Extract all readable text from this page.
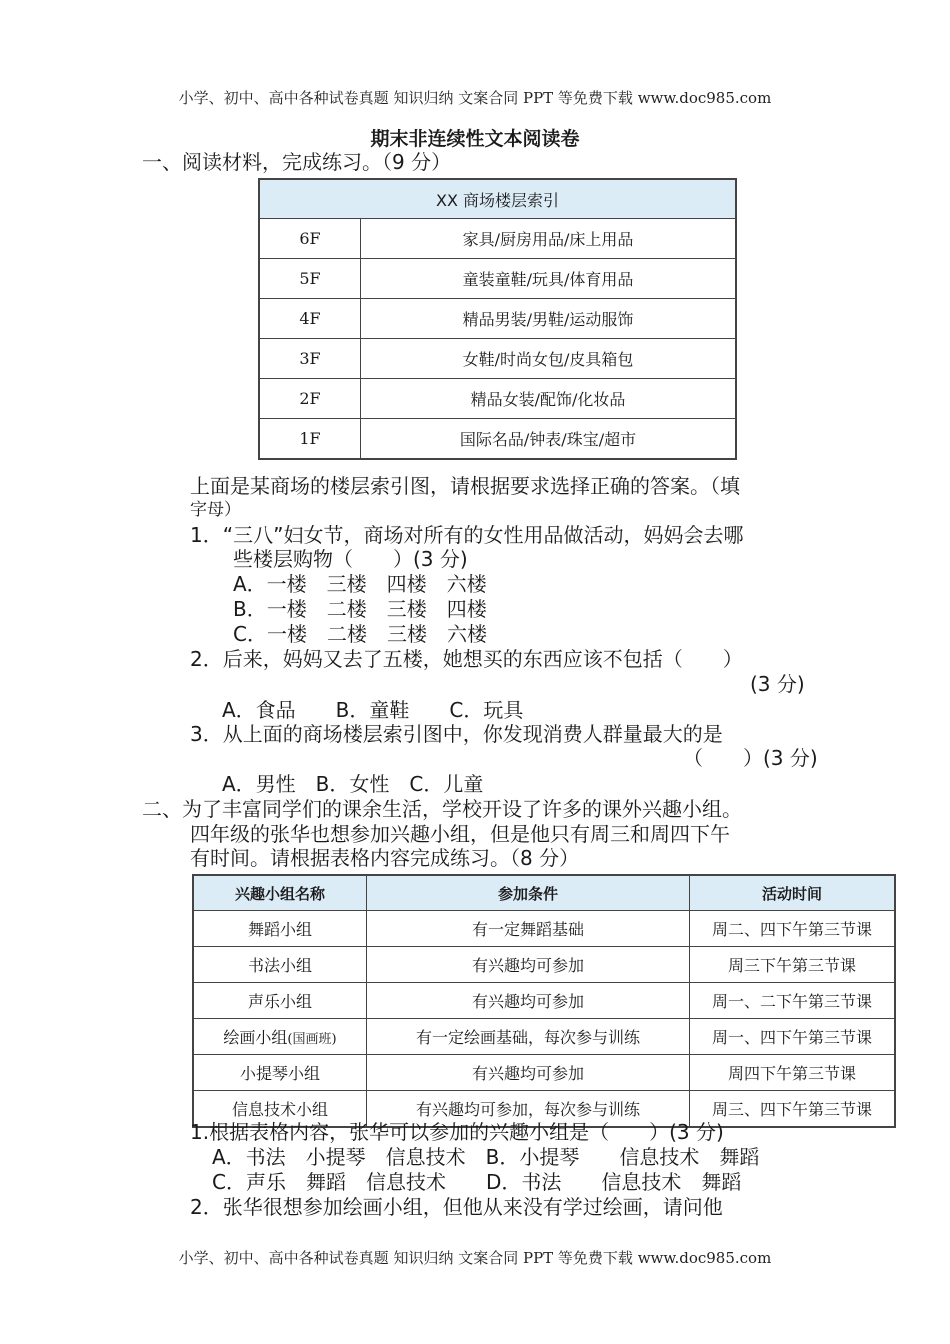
小学、初中、高中各种试卷真题 知识归纳 文案合同 PPT 等免费下载 www.doc985.com
期末非连续性文本阅读卷
一、阅读材料，完成练习。（9 分）
XX 商场楼层索引	
6F	家具/厨房用品/床上用品
5F	童装童鞋/玩具/体育用品
4F	精品男装/男鞋/运动服饰
3F	女鞋/时尚女包/皮具箱包
2F	精品女装/配饰/化妆品
1F	国际名品/钟表/珠宝/超市
上面是某商场的楼层索引图，请根据要求选择正确的答案。（填
字母）
1．“三八”妇女节，商场对所有的女性用品做活动，妈妈会去哪
些楼层购物（　　）(3 分)
A．一楼　三楼　四楼　六楼
B．一楼　二楼　三楼　四楼
C．一楼　二楼　三楼　六楼
2．后来，妈妈又去了五楼，她想买的东西应该不包括（　　）
(3 分)
A．食品　　B．童鞋　　C．玩具
3．从上面的商场楼层索引图中，你发现消费人群量最大的是
（　　）(3 分)
A．男性　B．女性　C．儿童
二、为了丰富同学们的课余生活，学校开设了许多的课外兴趣小组。
四年级的张华也想参加兴趣小组，但是他只有周三和周四下午
有时间。请根据表格内容完成练习。（8 分）
兴趣小组名称	参加条件	活动时间
舞蹈小组	有一定舞蹈基础	周二、四下午第三节课
书法小组	有兴趣均可参加	周三下午第三节课
声乐小组	有兴趣均可参加	周一、二下午第三节课
绘画小组(国画班)	有一定绘画基础，每次参与训练	周一、四下午第三节课
小提琴小组	有兴趣均可参加	周四下午第三节课
信息技术小组	有兴趣均可参加，每次参与训练	周三、四下午第三节课
1.根据表格内容，张华可以参加的兴趣小组是（　　）(3 分)
A．书法　小提琴　信息技术　B．小提琴　　信息技术　舞蹈
C．声乐　舞蹈　信息技术　　D．书法　　信息技术　舞蹈
2．张华很想参加绘画小组，但他从来没有学过绘画，请问他
小学、初中、高中各种试卷真题 知识归纳 文案合同 PPT 等免费下载 www.doc985.com
